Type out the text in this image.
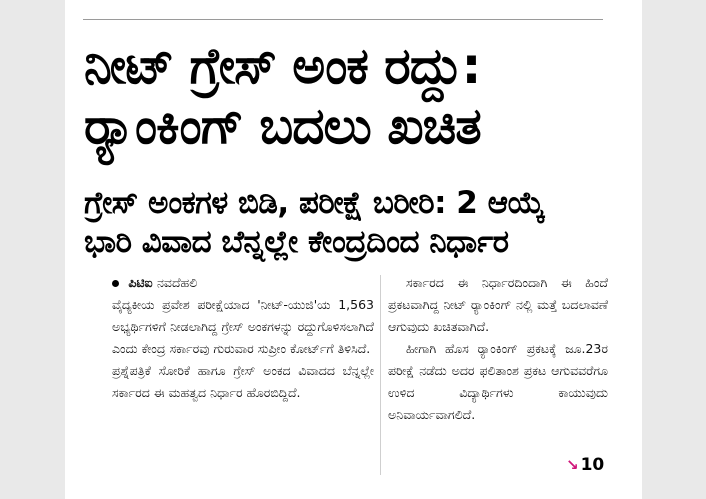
ನೀಟ್ ಗ್ರೇಸ್ ಅಂಕ ರದ್ದು:
ರ್‍ಯಾಂಕಿಂಗ್ ಬದಲು ಖಚಿತ
ಗ್ರೇಸ್ ಅಂಕಗಳ ಬಿಡಿ, ಪರೀಕ್ಷೆ ಬರೀರಿ: 2 ಆಯ್ಕೆ
ಭಾರಿ ವಿವಾದ ಬೆನ್ನಲ್ಲೇ ಕೇಂದ್ರದಿಂದ ನಿರ್ಧಾರ
ಪಿಟಿಐ ನವದೆಹಲಿ

ವೈದ್ಯಕೀಯ ಪ್ರವೇಶ ಪರೀಕ್ಷೆಯಾದ 'ನೀಟ್-ಯುಜಿ'ಯ 1,563 ಅಭ್ಯರ್ಥಿಗಳಿಗೆ ನೀಡಲಾಗಿದ್ದ ಗ್ರೇಸ್ ಅಂಕಗಳನ್ನು ರದ್ದುಗೊಳಿಸಲಾಗಿದೆ ಎಂದು ಕೇಂದ್ರ ಸರ್ಕಾರವು ಗುರುವಾರ ಸುಪ್ರೀಂ ಕೋರ್ಟ್‌ಗೆ ತಿಳಿಸಿದೆ.

ಪ್ರಶ್ನೆಪತ್ರಿಕೆ ಸೋರಿಕೆ ಹಾಗೂ ಗ್ರೇಸ್ ಅಂಕದ ವಿವಾದದ ಬೆನ್ನಲ್ಲೇ ಸರ್ಕಾರದ ಈ ಮಹತ್ವದ ನಿರ್ಧಾರ ಹೊರಬಿದ್ದಿದೆ.

ಸರ್ಕಾರದ ಈ ನಿರ್ಧಾರದಿಂದಾಗಿ ಈ ಹಿಂದೆ ಪ್ರಕಟವಾಗಿದ್ದ ನೀಟ್ ರ್‍ಯಾಂಕಿಂಗ್ ನಲ್ಲಿ ಮತ್ತೆ ಬದಲಾವಣೆ ಆಗುವುದು ಖಚಿತವಾಗಿದೆ.

ಹೀಗಾಗಿ ಹೊಸ ರ್‍ಯಾಂಕಿಂಗ್ ಪ್ರಕಟಕ್ಕೆ ಜೂ.23ರ ಪರೀಕ್ಷೆ ನಡೆದು ಅದರ ಫಲಿತಾಂಶ ಪ್ರಕಟ ಆಗುವವರೆಗೂ ಉಳಿದ ವಿದ್ಯಾರ್ಥಿಗಳು ಕಾಯುವುದು ಅನಿವಾರ್ಯವಾಗಲಿದೆ.

↘ 10
